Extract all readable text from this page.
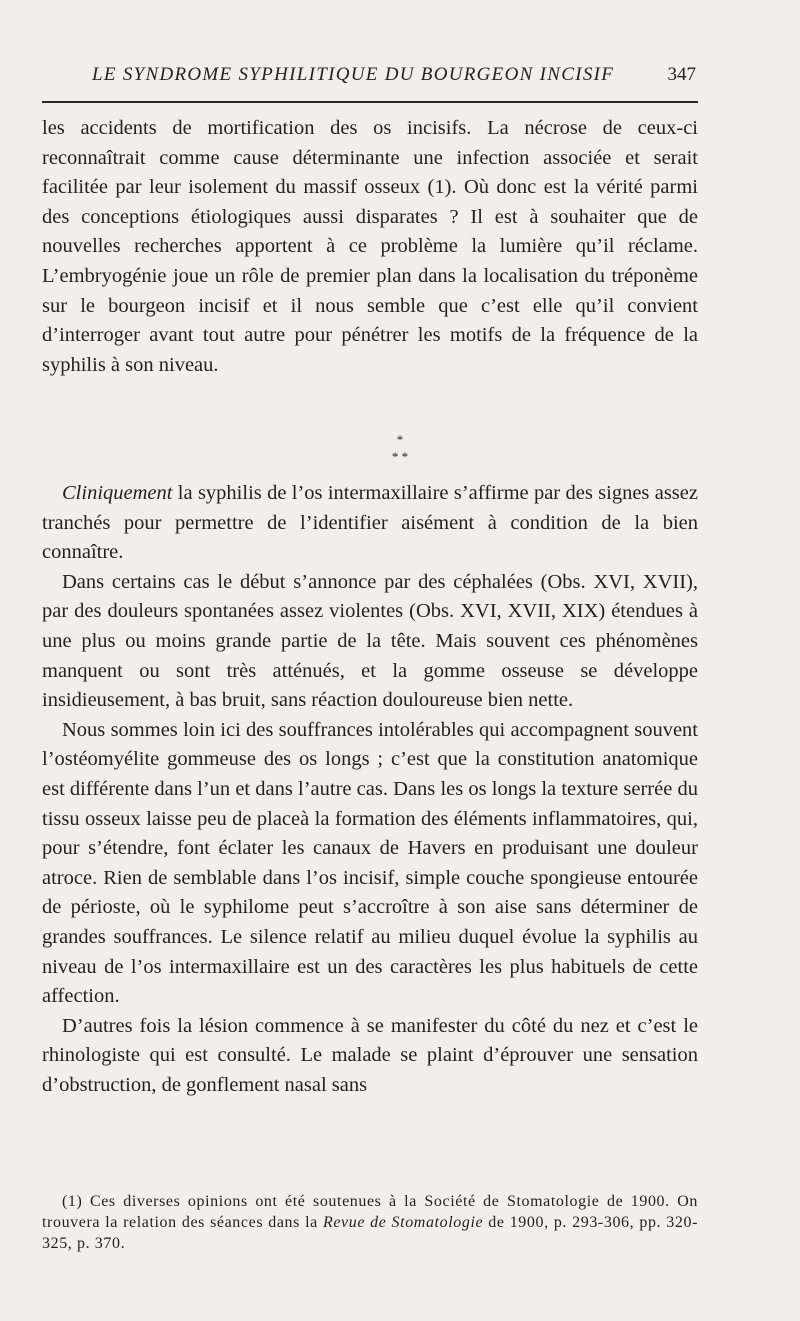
LE SYNDROME SYPHILITIQUE DU BOURGEON INCISIF	347

les accidents de mortification des os incisifs. La nécrose de ceux-ci reconnaîtrait comme cause déterminante une infection associée et serait facilitée par leur isolement du massif osseux (1). Où donc est la vérité parmi des conceptions étiologiques aussi disparates ? Il est à souhaiter que de nouvelles recherches apportent à ce problème la lumière qu’il réclame. L’embryogénie joue un rôle de premier plan dans la localisation du tréponème sur le bourgeon incisif et il nous semble que c’est elle qu’il convient d’interroger avant tout autre pour pénétrer les motifs de la fréquence de la syphilis à son niveau.

*
* *

Cliniquement la syphilis de l’os intermaxillaire s’affirme par des signes assez tranchés pour permettre de l’identifier aisément à condition de la bien connaître.

Dans certains cas le début s’annonce par des céphalées (Obs. XVI, XVII), par des douleurs spontanées assez violentes (Obs. XVI, XVII, XIX) étendues à une plus ou moins grande partie de la tête. Mais souvent ces phénomènes manquent ou sont très atténués, et la gomme osseuse se développe insidieusement, à bas bruit, sans réaction douloureuse bien nette.

Nous sommes loin ici des souffrances intolérables qui accompagnent souvent l’ostéomyélite gommeuse des os longs ; c’est que la constitution anatomique est différente dans l’un et dans l’autre cas. Dans les os longs la texture serrée du tissu osseux laisse peu de placeà la formation des éléments inflammatoires, qui, pour s’étendre, font éclater les canaux de Havers en produisant une douleur atroce. Rien de semblable dans l’os incisif, simple couche spongieuse entourée de périoste, où le syphilome peut s’accroître à son aise sans déterminer de grandes souffrances. Le silence relatif au milieu duquel évolue la syphilis au niveau de l’os intermaxillaire est un des caractères les plus habituels de cette affection.

D’autres fois la lésion commence à se manifester du côté du nez et c’est le rhinologiste qui est consulté. Le malade se plaint d’éprouver une sensation d’obstruction, de gonflement nasal sans

(1) Ces diverses opinions ont été soutenues à la Société de Stomatologie de 1900. On trouvera la relation des séances dans la Revue de Stomatologie de 1900, p. 293-306, pp. 320-325, p. 370.
